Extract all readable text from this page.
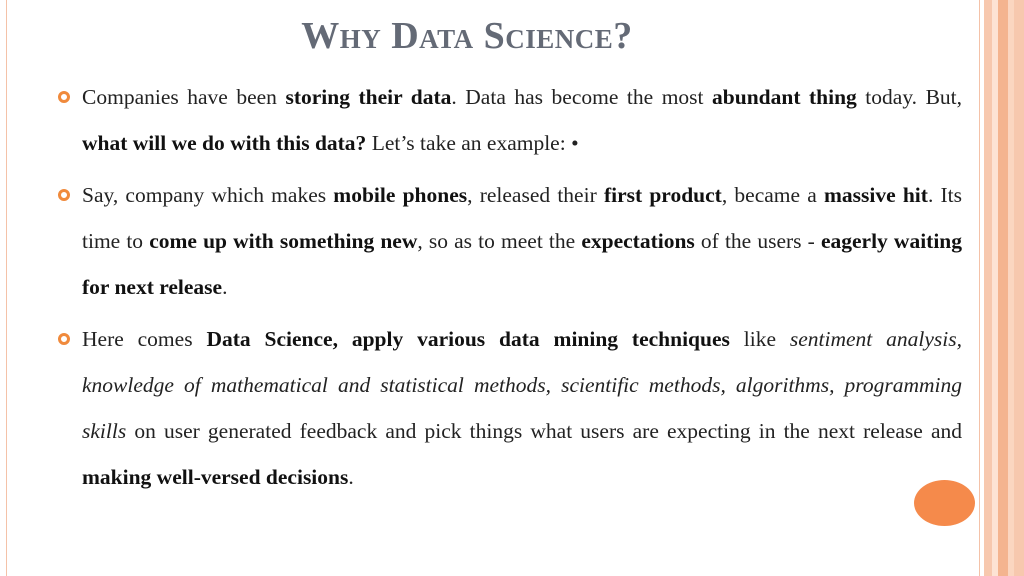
Why Data Science?

Companies have been storing their data. Data has become the most abundant thing today. But, what will we do with this data? Let’s take an example: •

Say, company which makes mobile phones, released their first product, became a massive hit. Its time to come up with something new, so as to meet the expectations of the users - eagerly waiting for next release.

Here comes Data Science, apply various data mining techniques like sentiment analysis, knowledge of mathematical and statistical methods, scientific methods, algorithms, programming skills on user generated feedback and pick things what users are expecting in the next release and making well-versed decisions.
